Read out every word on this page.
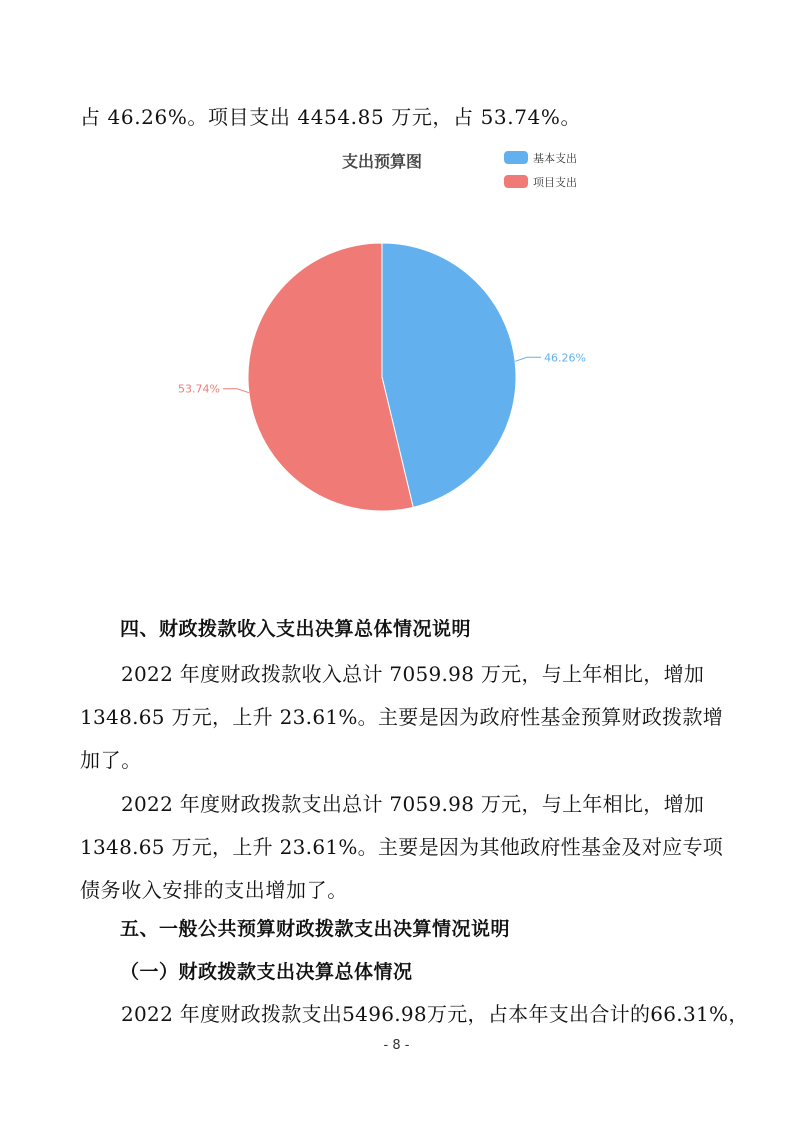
占 46.26%。项目支出 4454.85 万元，占 53.74%。
支出预算图	基本支出
项目支出
46.26%
53.74%
四、财政拨款收入支出决算总体情况说明
2022 年度财政拨款收入总计 7059.98 万元，与上年相比，增加
1348.65 万元，上升 23.61%。主要是因为政府性基金预算财政拨款增
加了。
2022 年度财政拨款支出总计 7059.98 万元，与上年相比，增加
1348.65 万元，上升 23.61%。主要是因为其他政府性基金及对应专项
债务收入安排的支出增加了。
五、一般公共预算财政拨款支出决算情况说明
（一）财政拨款支出决算总体情况
2022 年度财政拨款支出5496.98万元，占本年支出合计的66.31%，
- 8 -
